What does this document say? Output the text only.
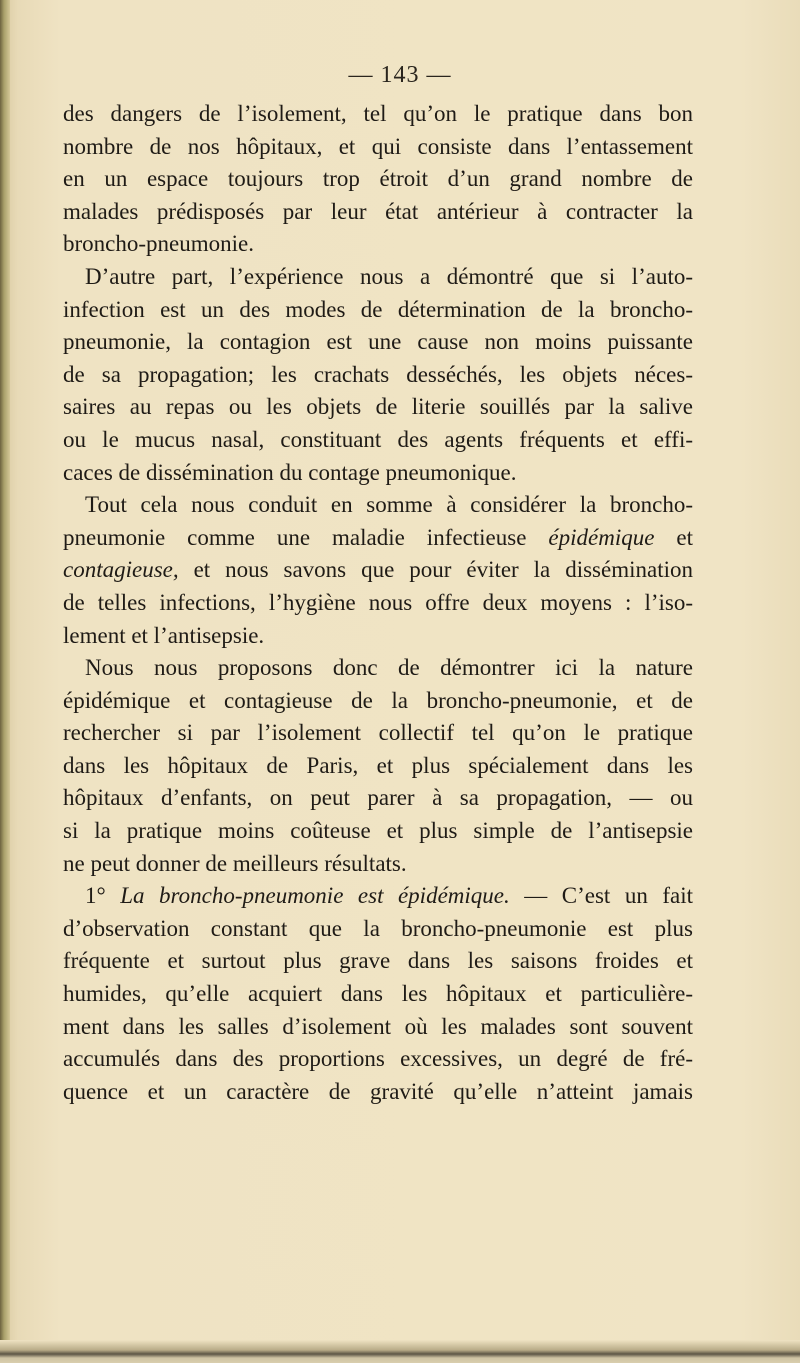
— 143 —
des dangers de l’isolement, tel qu’on le pratique dans bon
nombre de nos hôpitaux, et qui consiste dans l’entassement
en un espace toujours trop étroit d’un grand nombre de
malades prédisposés par leur état antérieur à contracter la
broncho-pneumonie.
D’autre part, l’expérience nous a démontré que si l’auto-
infection est un des modes de détermination de la broncho-
pneumonie, la contagion est une cause non moins puissante
de sa propagation; les crachats desséchés, les objets néces-
saires au repas ou les objets de literie souillés par la salive
ou le mucus nasal, constituant des agents fréquents et effi-
caces de dissémination du contage pneumonique.
Tout cela nous conduit en somme à considérer la broncho-
pneumonie comme une maladie infectieuse épidémique et
contagieuse, et nous savons que pour éviter la dissémination
de telles infections, l’hygiène nous offre deux moyens : l’iso-
lement et l’antisepsie.
Nous nous proposons donc de démontrer ici la nature
épidémique et contagieuse de la broncho-pneumonie, et de
rechercher si par l’isolement collectif tel qu’on le pratique
dans les hôpitaux de Paris, et plus spécialement dans les
hôpitaux d’enfants, on peut parer à sa propagation, — ou
si la pratique moins coûteuse et plus simple de l’antisepsie
ne peut donner de meilleurs résultats.
1° La broncho-pneumonie est épidémique. — C’est un fait
d’observation constant que la broncho-pneumonie est plus
fréquente et surtout plus grave dans les saisons froides et
humides, qu’elle acquiert dans les hôpitaux et particulière-
ment dans les salles d’isolement où les malades sont souvent
accumulés dans des proportions excessives, un degré de fré-
quence et un caractère de gravité qu’elle n’atteint jamais
